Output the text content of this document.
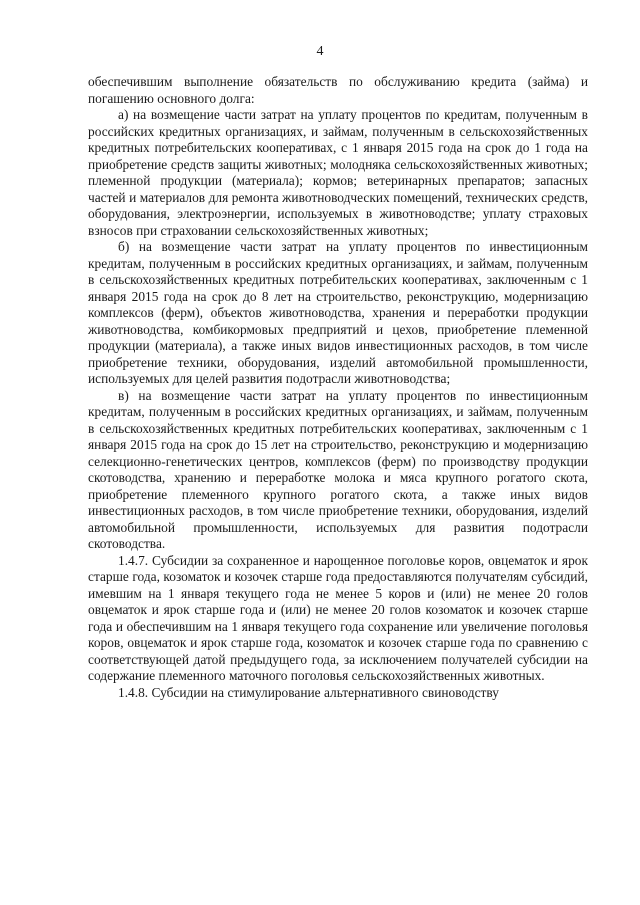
4

обеспечившим выполнение обязательств по обслуживанию кредита (займа) и погашению основного долга:

а) на возмещение части затрат на уплату процентов по кредитам, полученным в российских кредитных организациях, и займам, полученным в сельскохозяйственных кредитных потребительских кооперативах, с 1 января 2015 года на срок до 1 года на приобретение средств защиты животных; молодняка сельскохозяйственных животных; племенной продукции (материала); кормов; ветеринарных препаратов; запасных частей и материалов для ремонта животноводческих помещений, технических средств, оборудования, электроэнергии, используемых в животноводстве; уплату страховых взносов при страховании сельскохозяйственных животных;

б) на возмещение части затрат на уплату процентов по инвестиционным кредитам, полученным в российских кредитных организациях, и займам, полученным в сельскохозяйственных кредитных потребительских кооперативах, заключенным с 1 января 2015 года на срок до 8 лет на строительство, реконструкцию, модернизацию комплексов (ферм), объектов животноводства, хранения и переработки продукции животноводства, комбикормовых предприятий и цехов, приобретение племенной продукции (материала), а также иных видов инвестиционных расходов, в том числе приобретение техники, оборудования, изделий автомобильной промышленности, используемых для целей развития подотрасли животноводства;

в) на возмещение части затрат на уплату процентов по инвестиционным кредитам, полученным в российских кредитных организациях, и займам, полученным в сельскохозяйственных кредитных потребительских кооперативах, заключенным с 1 января 2015 года на срок до 15 лет на строительство, реконструкцию и модернизацию селекционно-генетических центров, комплексов (ферм) по производству продукции скотоводства, хранению и переработке молока и мяса крупного рогатого скота, приобретение племенного крупного рогатого скота, а также иных видов инвестиционных расходов, в том числе приобретение техники, оборудования, изделий автомобильной промышленности, используемых для развития подотрасли скотоводства.

1.4.7. Субсидии за сохраненное и нарощенное поголовье коров, овцематок и ярок старше года, козоматок и козочек старше года предоставляются получателям субсидий, имевшим на 1 января текущего года не менее 5 коров и (или) не менее 20 голов овцематок и ярок старше года и (или) не менее 20 голов козоматок и козочек старше года и обеспечившим на 1 января текущего года сохранение или увеличение поголовья коров, овцематок и ярок старше года, козоматок и козочек старше года по сравнению с соответствующей датой предыдущего года, за исключением получателей субсидии на содержание племенного маточного поголовья сельскохозяйственных животных.

1.4.8. Субсидии на стимулирование альтернативного свиноводству
